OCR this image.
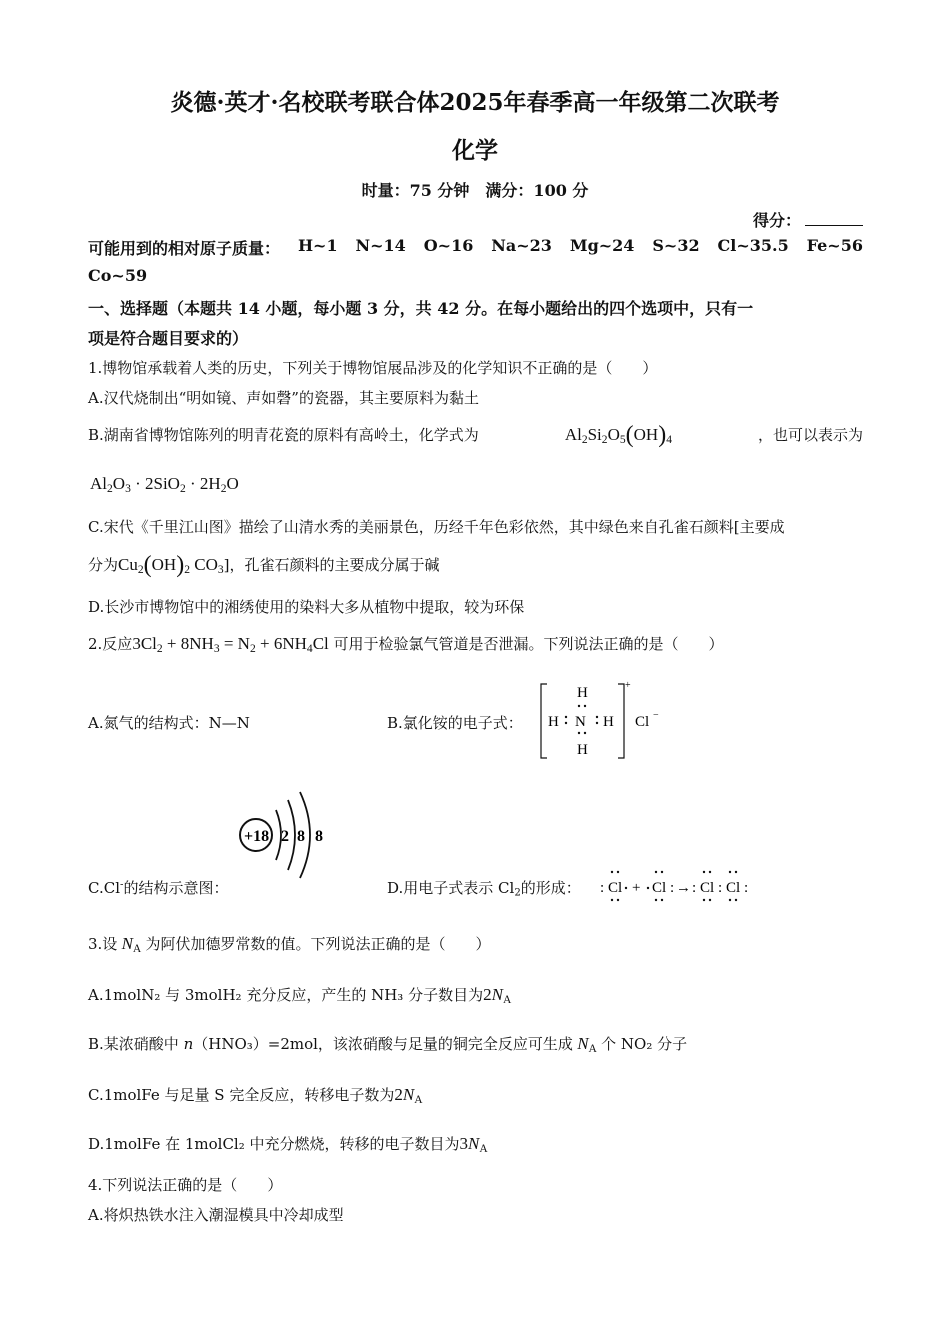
炎德·英才·名校联考联合体2025年春季高一年级第二次联考
化学
时量：75 分钟　满分：100 分
得分：
可能用到的相对原子质量： H~1 N~14 O~16 Na~23 Mg~24 S~32 Cl~35.5 Fe~56
Co~59
一、选择题（本题共 14 小题，每小题 3 分，共 42 分。在每小题给出的四个选项中，只有一
项是符合题目要求的）
1.博物馆承载着人类的历史，下列关于博物馆展品涉及的化学知识不正确的是（　　）
A.汉代烧制出“明如镜、声如磬”的瓷器，其主要原料为黏土
B.湖南省博物馆陈列的明青花瓷的原料有高岭土，化学式为	$Al_2Si_2O_5(OH)_4$	，也可以表示为
$Al_2O_3 \cdot 2SiO_2 \cdot 2H_2O$
C.宋代《千里江山图》描绘了山清水秀的美丽景色，历经千年色彩依然，其中绿色来自孔雀石颜料[主要成
分为$Cu_2(OH)_2$ $CO_3$]，孔雀石颜料的主要成分属于碱
D.长沙市博物馆中的湘绣使用的染料大多从植物中提取，较为环保
2.反应$3Cl_2 + 8NH_3 = N_2 + 6NH_4Cl$ 可用于检验氯气管道是否泄漏。下列说法正确的是（　　）
A.氮气的结构式：N—N	B.氯化铵的电子式：
H
H N H
H
+
Cl −
+18 2 8 8
C.Cl-的结构示意图：	D.用电子式表示 $Cl_2$的形成： : Cl + Cl : → : Cl : Cl :
3.设 $N_A$ 为阿伏加德罗常数的值。下列说法正确的是（　　）
A.1molN₂ 与 3molH₂ 充分反应，产生的 NH₃ 分子数目为$2N_A$
B.某浓硝酸中 n（HNO₃）=2mol，该浓硝酸与足量的铜完全反应可生成 $N_A$ 个 NO₂ 分子
C.1molFe 与足量 S 完全反应，转移电子数为$2N_A$
D.1molFe 在 1molCl₂ 中充分燃烧，转移的电子数目为$3N_A$
4.下列说法正确的是（　　）
A.将炽热铁水注入潮湿模具中冷却成型
